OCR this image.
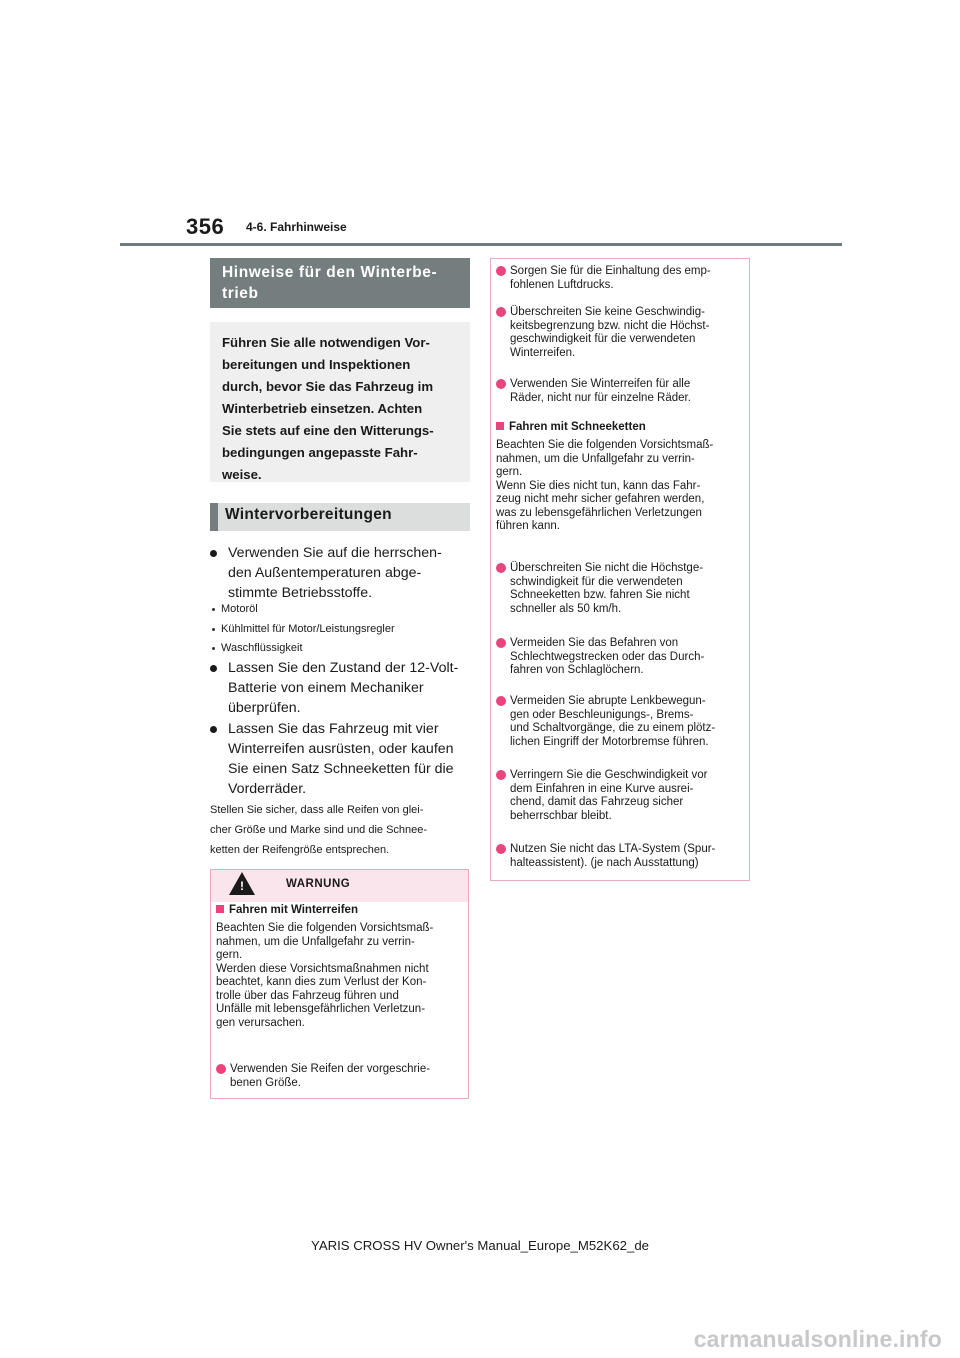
356 4-6. Fahrhinweise
Hinweise für den Winterbe-
trieb
Führen Sie alle notwendigen Vor-
bereitungen und Inspektionen
durch, bevor Sie das Fahrzeug im
Winterbetrieb einsetzen. Achten
Sie stets auf eine den Witterungs-
bedingungen angepasste Fahr-
weise.
Wintervorbereitungen
Verwenden Sie auf die herrschen-
den Außentemperaturen abge-
stimmte Betriebsstoffe.
Motoröl
Kühlmittel für Motor/Leistungsregler
Waschflüssigkeit
Lassen Sie den Zustand der 12-Volt-
Batterie von einem Mechaniker
überprüfen.
Lassen Sie das Fahrzeug mit vier
Winterreifen ausrüsten, oder kaufen
Sie einen Satz Schneeketten für die
Vorderräder.
Stellen Sie sicher, dass alle Reifen von glei-
cher Größe und Marke sind und die Schnee-
ketten der Reifengröße entsprechen.
!	WARNUNG
Fahren mit Winterreifen
Beachten Sie die folgenden Vorsichtsmaß-
nahmen, um die Unfallgefahr zu verrin-
gern.
Werden diese Vorsichtsmaßnahmen nicht
beachtet, kann dies zum Verlust der Kon-
trolle über das Fahrzeug führen und
Unfälle mit lebensgefährlichen Verletzun-
gen verursachen.
Verwenden Sie Reifen der vorgeschrie-
benen Größe.
Sorgen Sie für die Einhaltung des emp-
fohlenen Luftdrucks.
Überschreiten Sie keine Geschwindig-
keitsbegrenzung bzw. nicht die Höchst-
geschwindigkeit für die verwendeten
Winterreifen.
Verwenden Sie Winterreifen für alle
Räder, nicht nur für einzelne Räder.
Fahren mit Schneeketten
Beachten Sie die folgenden Vorsichtsmaß-
nahmen, um die Unfallgefahr zu verrin-
gern.
Wenn Sie dies nicht tun, kann das Fahr-
zeug nicht mehr sicher gefahren werden,
was zu lebensgefährlichen Verletzungen
führen kann.
Überschreiten Sie nicht die Höchstge-
schwindigkeit für die verwendeten
Schneeketten bzw. fahren Sie nicht
schneller als 50 km/h.
Vermeiden Sie das Befahren von
Schlechtwegstrecken oder das Durch-
fahren von Schlaglöchern.
Vermeiden Sie abrupte Lenkbewegun-
gen oder Beschleunigungs-, Brems-
und Schaltvorgänge, die zu einem plötz-
lichen Eingriff der Motorbremse führen.
Verringern Sie die Geschwindigkeit vor
dem Einfahren in eine Kurve ausrei-
chend, damit das Fahrzeug sicher
beherrschbar bleibt.
Nutzen Sie nicht das LTA-System (Spur-
halteassistent). (je nach Ausstattung)
YARIS CROSS HV Owner's Manual_Europe_M52K62_de
carmanualsonline.info
